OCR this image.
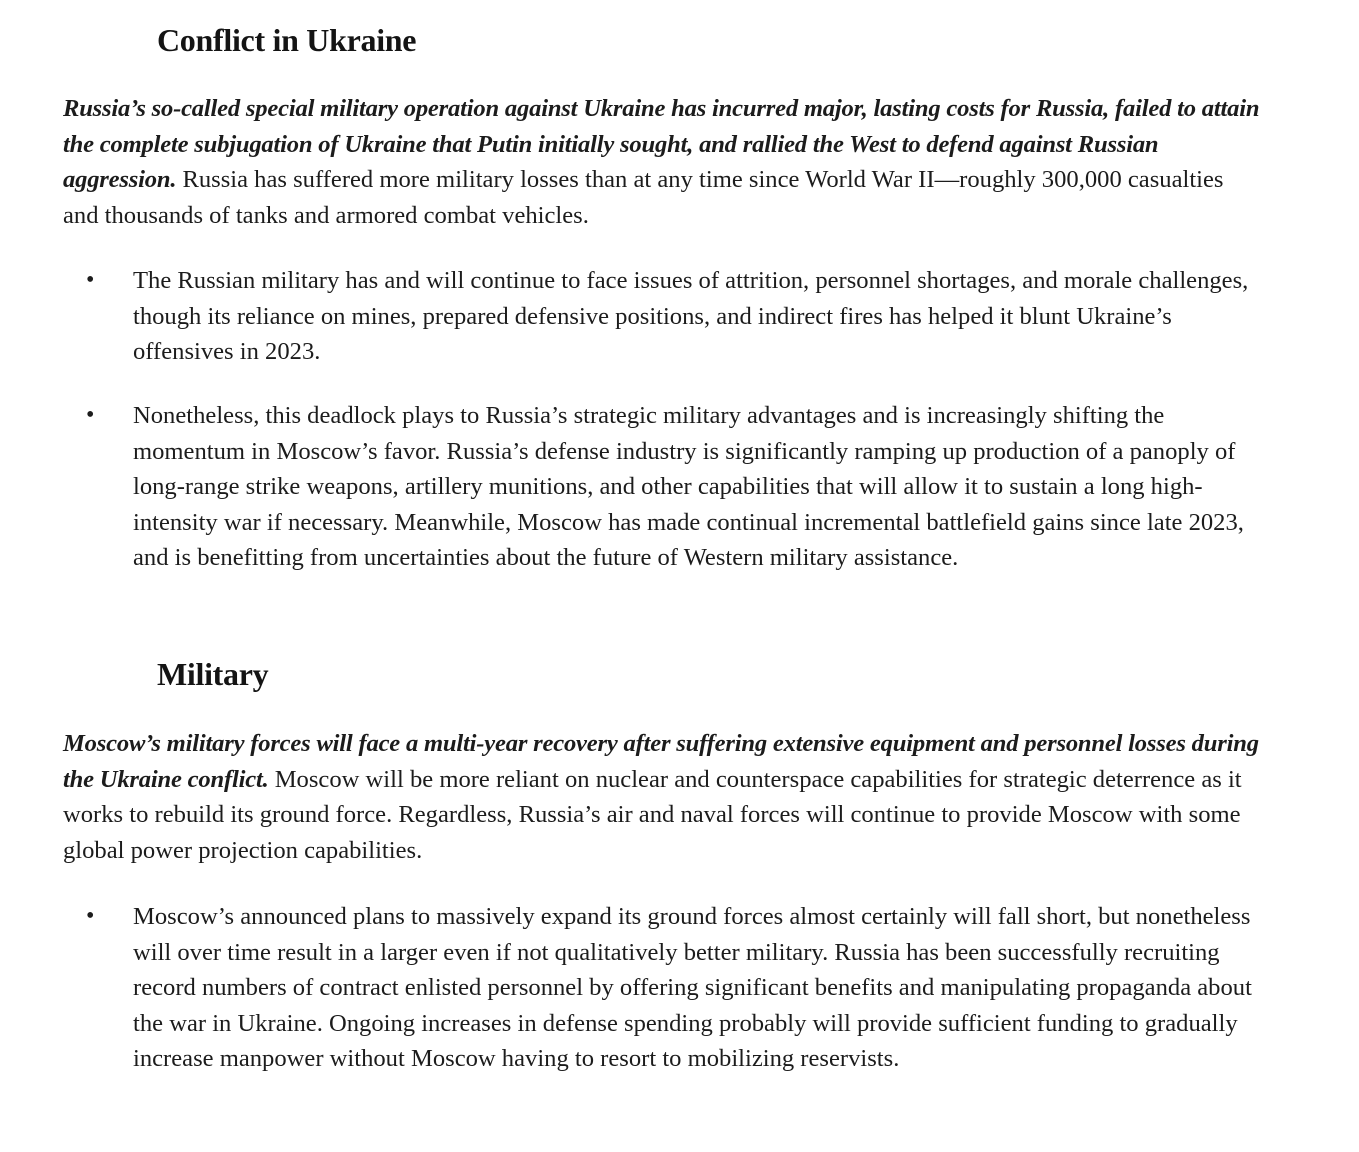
Conflict in Ukraine

Russia’s so-called special military operation against Ukraine has incurred major, lasting costs for Russia, failed to attain the complete subjugation of Ukraine that Putin initially sought, and rallied the West to defend against Russian aggression. Russia has suffered more military losses than at any time since World War II—roughly 300,000 casualties and thousands of tanks and armored combat vehicles.

• The Russian military has and will continue to face issues of attrition, personnel shortages, and morale challenges, though its reliance on mines, prepared defensive positions, and indirect fires has helped it blunt Ukraine’s offensives in 2023.

• Nonetheless, this deadlock plays to Russia’s strategic military advantages and is increasingly shifting the momentum in Moscow’s favor. Russia’s defense industry is significantly ramping up production of a panoply of long-range strike weapons, artillery munitions, and other capabilities that will allow it to sustain a long high-intensity war if necessary. Meanwhile, Moscow has made continual incremental battlefield gains since late 2023, and is benefitting from uncertainties about the future of Western military assistance.

Military

Moscow’s military forces will face a multi-year recovery after suffering extensive equipment and personnel losses during the Ukraine conflict. Moscow will be more reliant on nuclear and counterspace capabilities for strategic deterrence as it works to rebuild its ground force. Regardless, Russia’s air and naval forces will continue to provide Moscow with some global power projection capabilities.

• Moscow’s announced plans to massively expand its ground forces almost certainly will fall short, but nonetheless will over time result in a larger even if not qualitatively better military. Russia has been successfully recruiting record numbers of contract enlisted personnel by offering significant benefits and manipulating propaganda about the war in Ukraine. Ongoing increases in defense spending probably will provide sufficient funding to gradually increase manpower without Moscow having to resort to mobilizing reservists.
